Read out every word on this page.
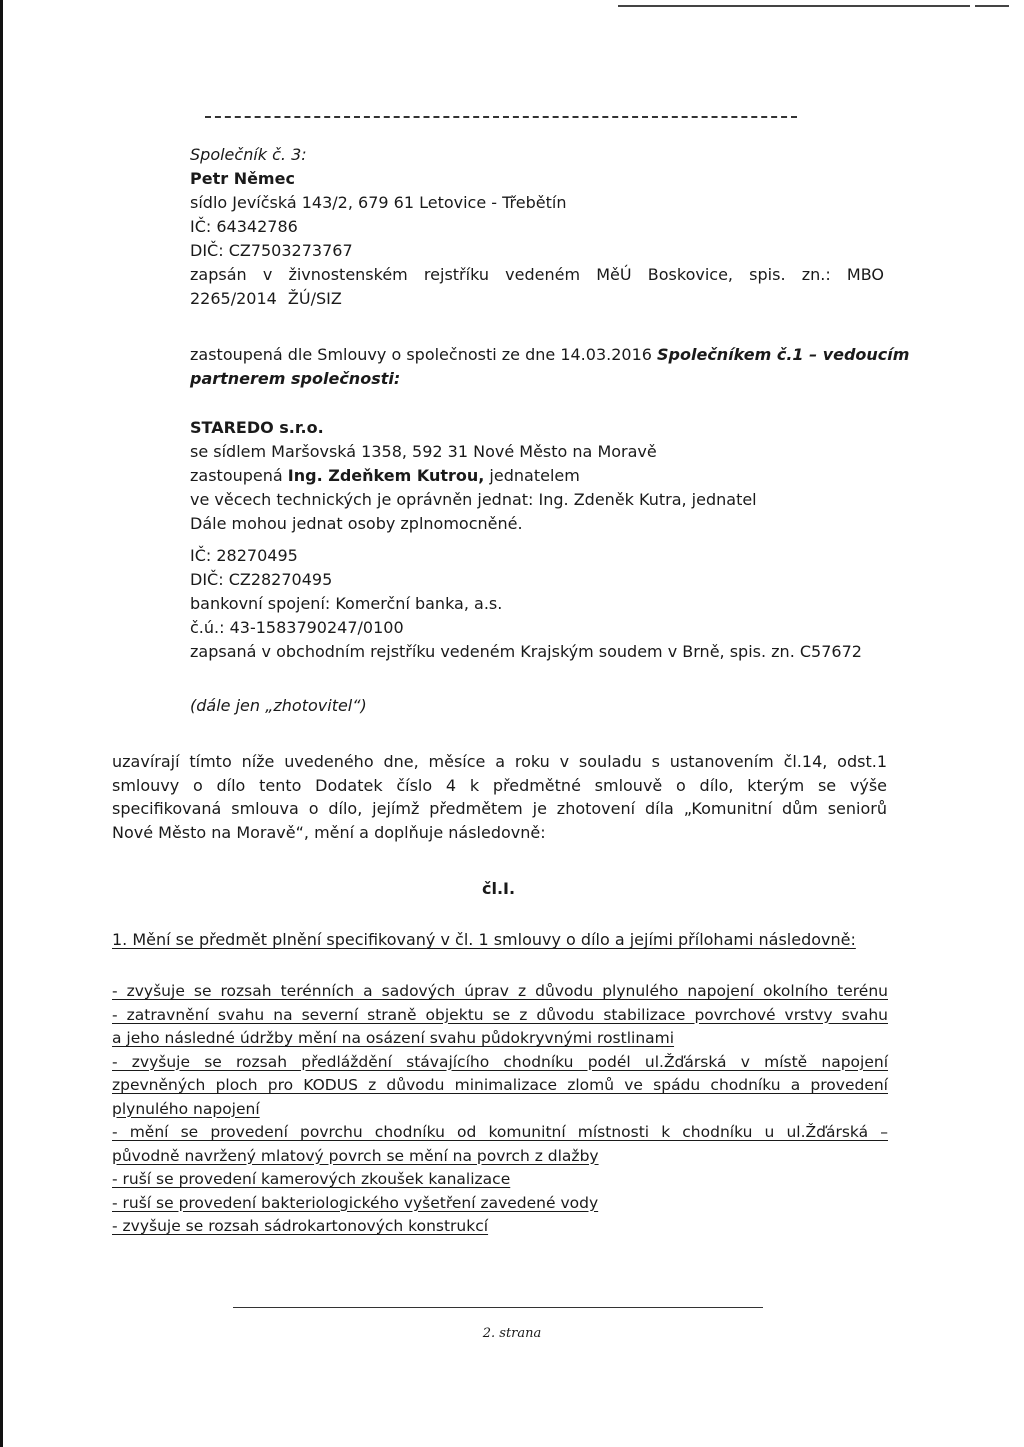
Společník č. 3:
Petr Němec
sídlo Jevíčská 143/2, 679 61 Letovice - Třebětín
IČ: 64342786
DIČ: CZ7503273767
zapsán v živnostenském rejstříku vedeném MěÚ Boskovice, spis. zn.: MBO
2265/2014 ŽÚ/SIZ
zastoupená dle Smlouvy o společnosti ze dne 14.03.2016 Společníkem č.1 – vedoucím
partnerem společnosti:
STAREDO s.r.o.
se sídlem Maršovská 1358, 592 31 Nové Město na Moravě
zastoupená Ing. Zdeňkem Kutrou, jednatelem
ve věcech technických je oprávněn jednat: Ing. Zdeněk Kutra, jednatel
Dále mohou jednat osoby zplnomocněné.
IČ: 28270495
DIČ: CZ28270495
bankovní spojení: Komerční banka, a.s.
č.ú.: 43-1583790247/0100
zapsaná v obchodním rejstříku vedeném Krajským soudem v Brně, spis. zn. C57672
(dále jen „zhotovitel“)
uzavírají tímto níže uvedeného dne, měsíce a roku v souladu s ustanovením čl.14, odst.1
smlouvy o dílo tento Dodatek číslo 4 k předmětné smlouvě o dílo, kterým se výše
specifikovaná smlouva o dílo, jejímž předmětem je zhotovení díla „Komunitní dům seniorů
Nové Město na Moravě“, mění a doplňuje následovně:
čl.I.
1. Mění se předmět plnění specifikovaný v čl. 1 smlouvy o dílo a jejími přílohami následovně:
- zvyšuje se rozsah terénních a sadových úprav z důvodu plynulého napojení okolního terénu
- zatravnění svahu na severní straně objektu se z důvodu stabilizace povrchové vrstvy svahu
a jeho následné údržby mění na osázení svahu půdokryvnými rostlinami
- zvyšuje se rozsah předláždění stávajícího chodníku podél ul.Žďárská v místě napojení
zpevněných ploch pro KODUS z důvodu minimalizace zlomů ve spádu chodníku a provedení
plynulého napojení
- mění se provedení povrchu chodníku od komunitní místnosti k chodníku u ul.Žďárská –
původně navržený mlatový povrch se mění na povrch z dlažby
- ruší se provedení kamerových zkoušek kanalizace
- ruší se provedení bakteriologického vyšetření zavedené vody
- zvyšuje se rozsah sádrokartonových konstrukcí
2. strana
